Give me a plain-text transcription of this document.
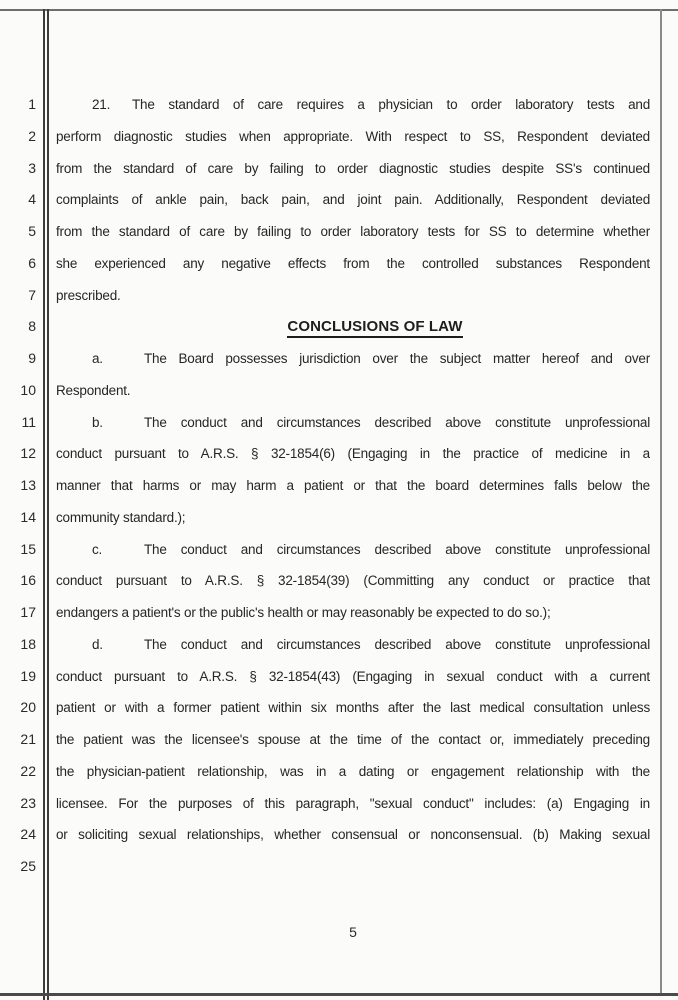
1
2
3
4
5
6
7
8
9
10
11
12
13
14
15
16
17
18
19
20
21
22
23
24
25
21. The standard of care requires a physician to order laboratory tests and
perform diagnostic studies when appropriate. With respect to SS, Respondent deviated
from the standard of care by failing to order diagnostic studies despite SS's continued
complaints of ankle pain, back pain, and joint pain. Additionally, Respondent deviated
from the standard of care by failing to order laboratory tests for SS to determine whether
she experienced any negative effects from the controlled substances Respondent
prescribed.
CONCLUSIONS OF LAW
a.	The Board possesses jurisdiction over the subject matter hereof and over
Respondent.
b.	The conduct and circumstances described above constitute unprofessional
conduct pursuant to A.R.S. § 32-1854(6) (Engaging in the practice of medicine in a
manner that harms or may harm a patient or that the board determines falls below the
community standard.);
c.	The conduct and circumstances described above constitute unprofessional
conduct pursuant to A.R.S. § 32-1854(39) (Committing any conduct or practice that
endangers a patient's or the public's health or may reasonably be expected to do so.);
d.	The conduct and circumstances described above constitute unprofessional
conduct pursuant to A.R.S. § 32-1854(43) (Engaging in sexual conduct with a current
patient or with a former patient within six months after the last medical consultation unless
the patient was the licensee's spouse at the time of the contact or, immediately preceding
the physician-patient relationship, was in a dating or engagement relationship with the
licensee. For the purposes of this paragraph, "sexual conduct" includes: (a) Engaging in
or soliciting sexual relationships, whether consensual or nonconsensual. (b) Making sexual
5
